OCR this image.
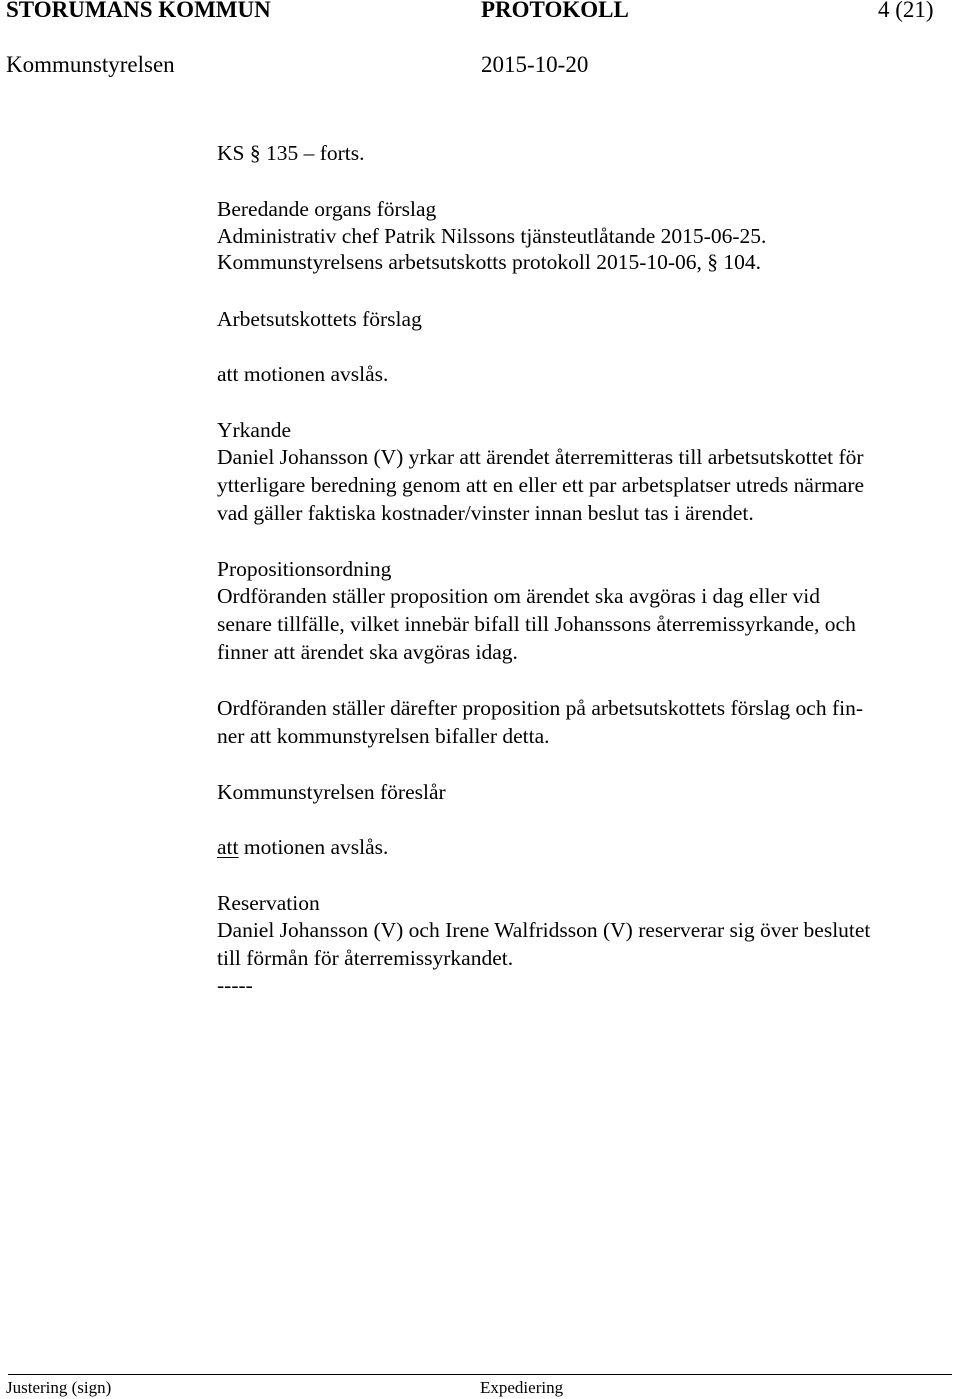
STORUMANS KOMMUN	PROTOKOLL	4 (21)
Kommunstyrelsen	2015-10-20
KS § 135 – forts.
Beredande organs förslag
Administrativ chef Patrik Nilssons tjänsteutlåtande 2015-06-25.
Kommunstyrelsens arbetsutskotts protokoll 2015-10-06, § 104.
Arbetsutskottets förslag
att motionen avslås.
Yrkande
Daniel Johansson (V) yrkar att ärendet återremitteras till arbetsutskottet för
ytterligare beredning genom att en eller ett par arbetsplatser utreds närmare
vad gäller faktiska kostnader/vinster innan beslut tas i ärendet.
Propositionsordning
Ordföranden ställer proposition om ärendet ska avgöras i dag eller vid
senare tillfälle, vilket innebär bifall till Johanssons återremissyrkande, och
finner att ärendet ska avgöras idag.
Ordföranden ställer därefter proposition på arbetsutskottets förslag och fin-
ner att kommunstyrelsen bifaller detta.
Kommunstyrelsen föreslår
att motionen avslås.
Reservation
Daniel Johansson (V) och Irene Walfridsson (V) reserverar sig över beslutet
till förmån för återremissyrkandet.
-----
Justering (sign)	Expediering
